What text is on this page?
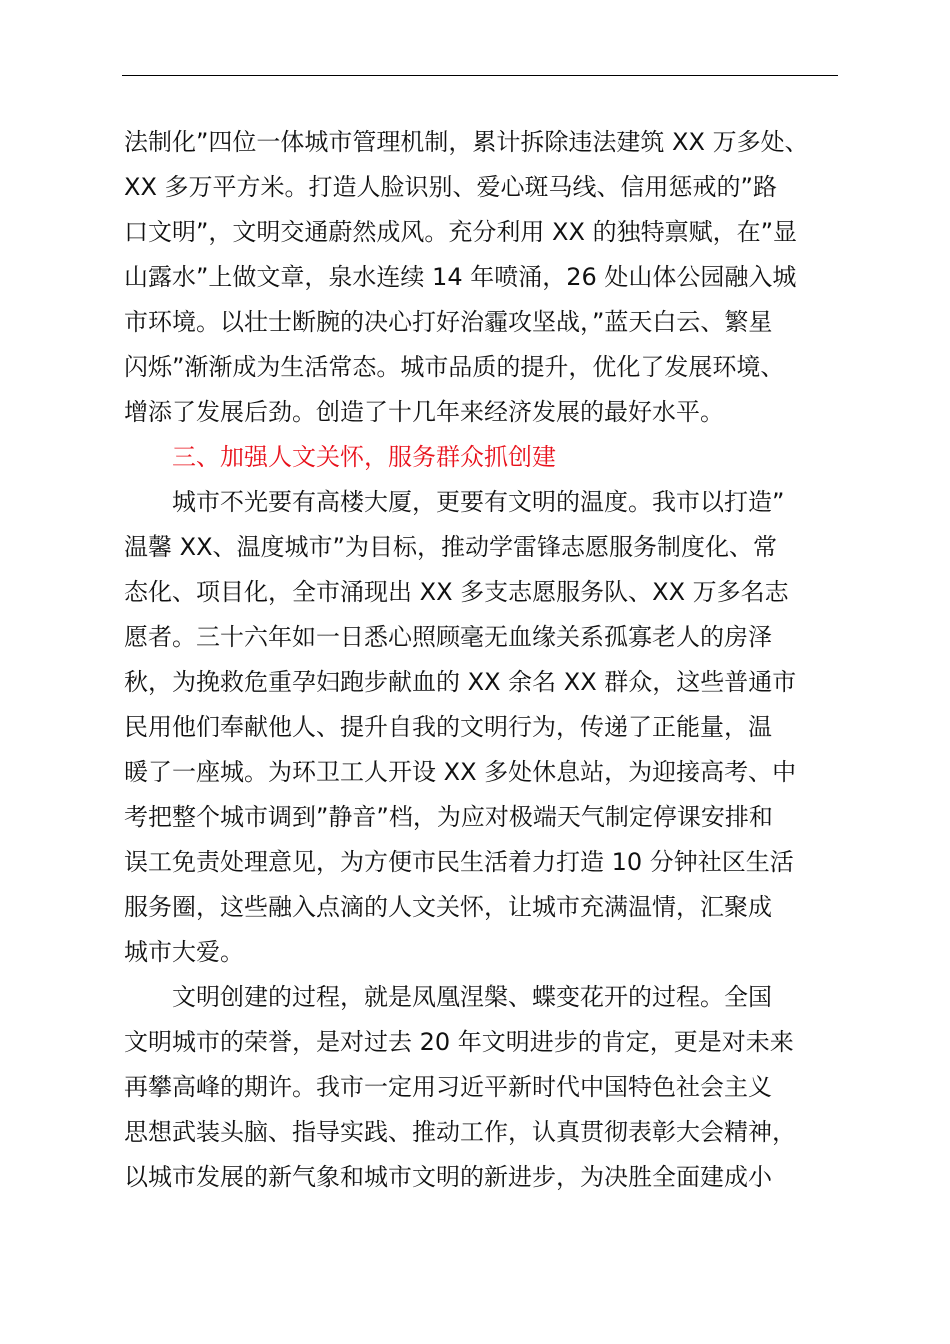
法制化”四位一体城市管理机制，累计拆除违法建筑 XX 万多处、
XX 多万平方米。打造人脸识别、爱心斑马线、信用惩戒的”路
口文明”，文明交通蔚然成风。充分利用 XX 的独特禀赋，在”显
山露水”上做文章，泉水连续 14 年喷涌，26 处山体公园融入城
市环境。以壮士断腕的决心打好治霾攻坚战，”蓝天白云、繁星
闪烁”渐渐成为生活常态。城市品质的提升，优化了发展环境、
增添了发展后劲。创造了十几年来经济发展的最好水平。
三、加强人文关怀，服务群众抓创建
城市不光要有高楼大厦，更要有文明的温度。我市以打造”
温馨 XX、温度城市”为目标，推动学雷锋志愿服务制度化、常
态化、项目化，全市涌现出 XX 多支志愿服务队、XX 万多名志
愿者。三十六年如一日悉心照顾毫无血缘关系孤寡老人的房泽
秋，为挽救危重孕妇跑步献血的 XX 余名 XX 群众，这些普通市
民用他们奉献他人、提升自我的文明行为，传递了正能量，温
暖了一座城。为环卫工人开设 XX 多处休息站，为迎接高考、中
考把整个城市调到”静音”档，为应对极端天气制定停课安排和
误工免责处理意见，为方便市民生活着力打造 10 分钟社区生活
服务圈，这些融入点滴的人文关怀，让城市充满温情，汇聚成
城市大爱。
文明创建的过程，就是凤凰涅槃、蝶变花开的过程。全国
文明城市的荣誉，是对过去 20 年文明进步的肯定，更是对未来
再攀高峰的期许。我市一定用习近平新时代中国特色社会主义
思想武装头脑、指导实践、推动工作，认真贯彻表彰大会精神，
以城市发展的新气象和城市文明的新进步，为决胜全面建成小
